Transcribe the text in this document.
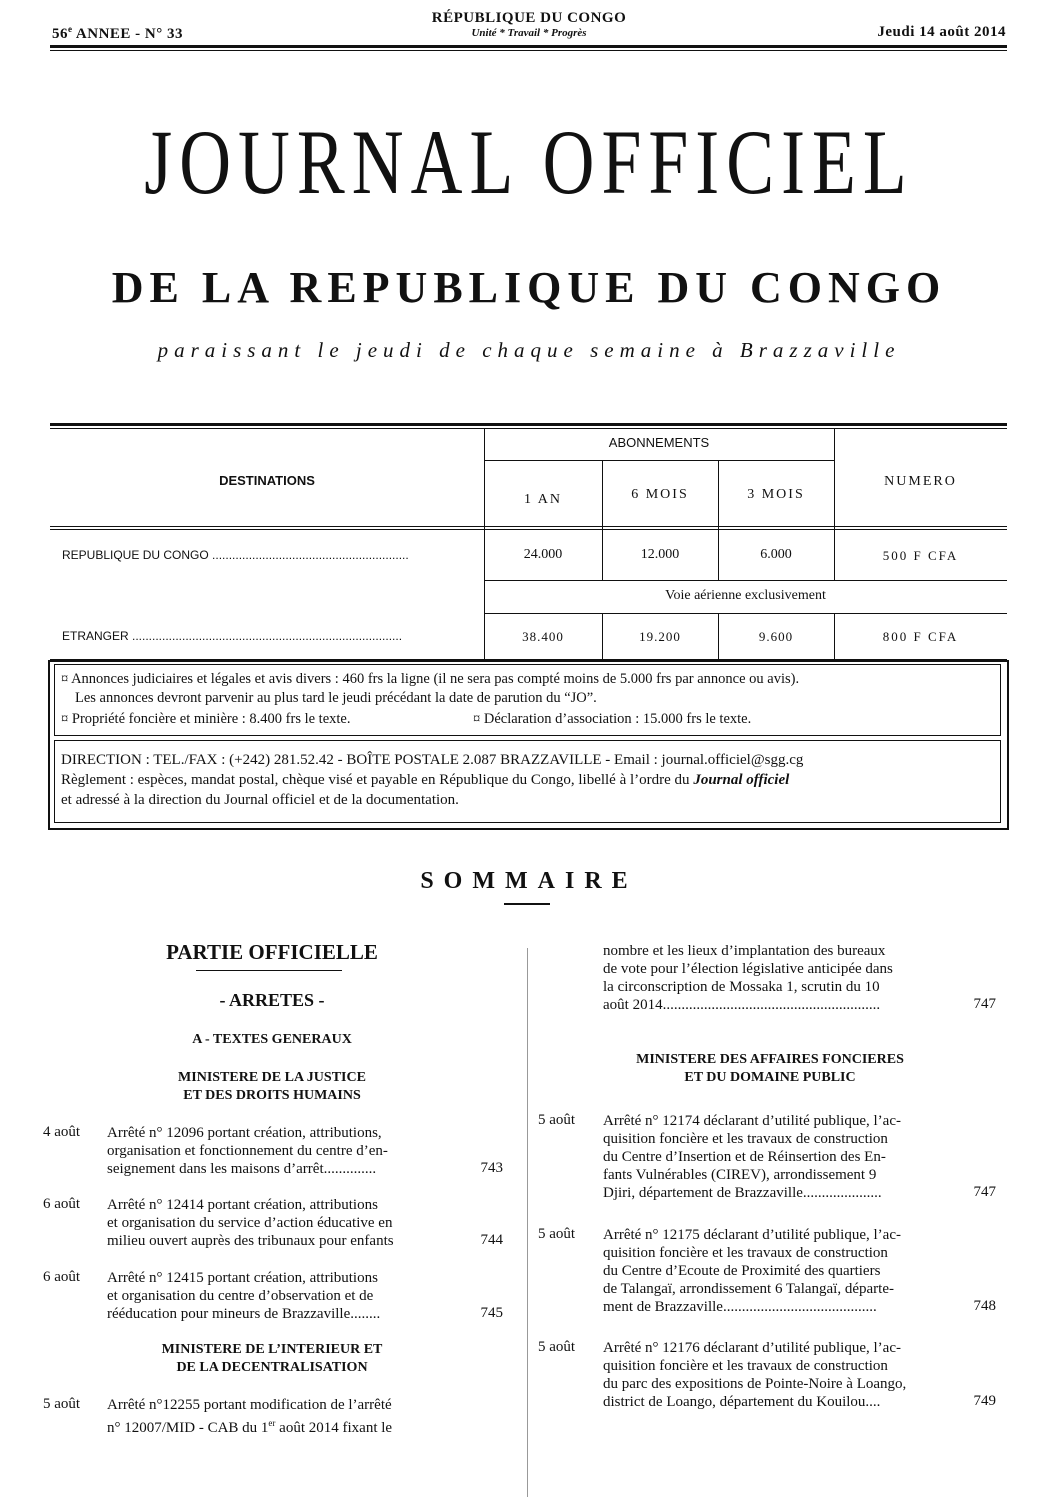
56e ANNEE - N° 33
RÉPUBLIQUE DU CONGO
Unité * Travail * Progrès	Jeudi 14 août 2014
JOURNAL OFFICIEL
DE LA REPUBLIQUE DU CONGO
paraissant le jeudi de chaque semaine à Brazzaville
DESTINATIONS
ABONNEMENTS
NUMERO
1 AN	6 MOIS	3 MOIS
REPUBLIQUE DU CONGO ...........................................................	24.000	12.000	6.000	500 F CFA
Voie aérienne exclusivement
ETRANGER .................................................................................	38.400	19.200	9.600	800 F CFA
¤ Annonces judiciaires et légales et avis divers : 460 frs la ligne (il ne sera pas compté moins de 5.000 frs par annonce ou avis).
Les annonces devront parvenir au plus tard le jeudi précédant la date de parution du “JO”.
¤ Propriété foncière et minière : 8.400 frs le texte.	¤ Déclaration d’association : 15.000 frs le texte.
DIRECTION : TEL./FAX : (+242) 281.52.42 - BOÎTE POSTALE 2.087 BRAZZAVILLE - Email : journal.officiel@sgg.cg
Règlement : espèces, mandat postal, chèque visé et payable en République du Congo, libellé à l’ordre du Journal officiel
et adressé à la direction du Journal officiel et de la documentation.
SOMMAIRE
PARTIE OFFICIELLE
- ARRETES -
A - TEXTES GENERAUX
MINISTERE DE LA JUSTICE
ET DES DROITS HUMAINS
4 août Arrêté n° 12096 portant création, attributions,
organisation et fonctionnement du centre d’en-
seignement dans les maisons d’arrêt..............	743
6 août Arrêté n° 12414 portant création, attributions
et organisation du service d’action éducative en
milieu ouvert auprès des tribunaux pour enfants	744
6 août Arrêté n° 12415 portant création, attributions
et organisation du centre d’observation et de
rééducation pour mineurs de Brazzaville........	745
MINISTERE DE L’INTERIEUR ET
DE LA DECENTRALISATION
5 août Arrêté n°12255 portant modification de l’arrêté
n° 12007/MID - CAB du 1er août 2014 fixant le
nombre et les lieux d’implantation des bureaux
de vote pour l’élection législative anticipée dans
la circonscription de Mossaka 1, scrutin du 10
août 2014..........................................................	747
MINISTERE DES AFFAIRES FONCIERES
ET DU DOMAINE PUBLIC
5 août Arrêté n° 12174 déclarant d’utilité publique, l’ac-
quisition foncière et les travaux de construction
du Centre d’Insertion et de Réinsertion des En-
fants Vulnérables (CIREV), arrondissement 9
Djiri, département de Brazzaville.....................	747
5 août Arrêté n° 12175 déclarant d’utilité publique, l’ac-
quisition foncière et les travaux de construction
du Centre d’Ecoute de Proximité des quartiers
de Talangaï, arrondissement 6 Talangaï, départe-
ment de Brazzaville.........................................	748
5 août Arrêté n° 12176 déclarant d’utilité publique, l’ac-
quisition foncière et les travaux de construction
du parc des expositions de Pointe-Noire à Loango,
district de Loango, département du Kouilou....	749
